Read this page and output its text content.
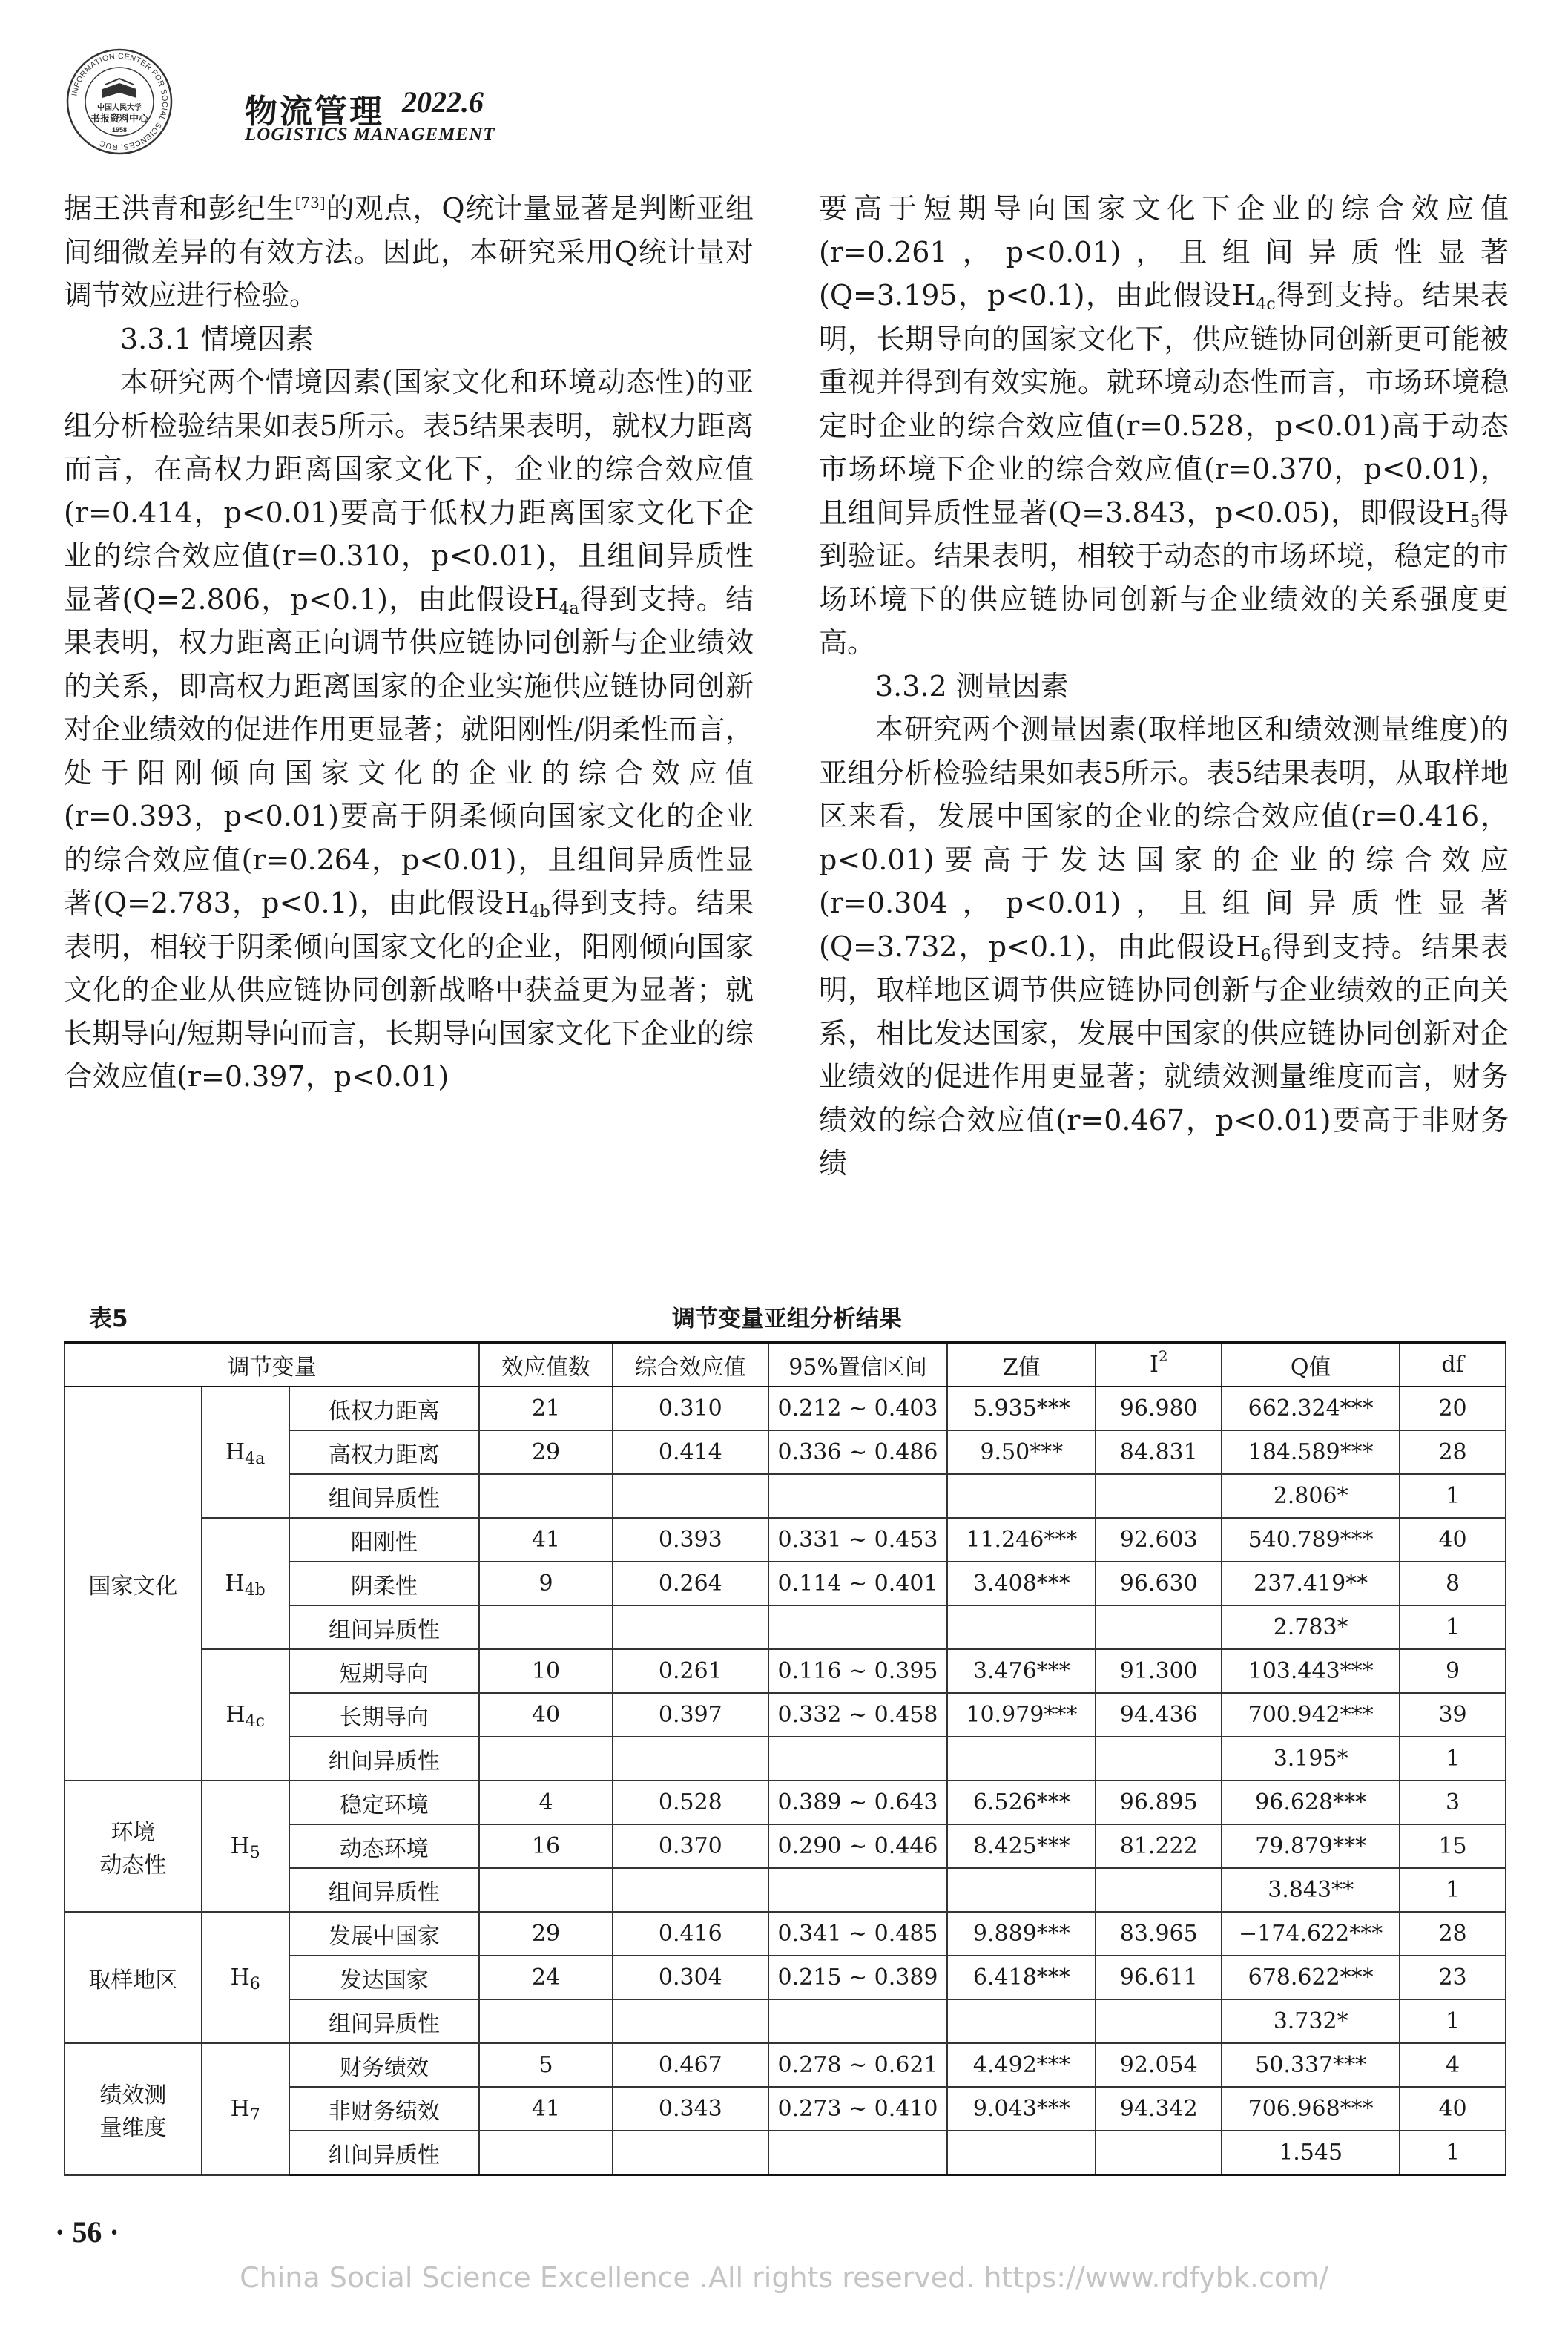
INFORMATION CENTER FOR SOCIAL SCIENCES, RUC
中国人民大学
书报资料中心
1958	物流管理 2022.6
LOGISTICS MANAGEMENT

据王洪青和彭纪生[73]的观点，Q统计量显著是判断亚组间细微差异的有效方法。因此，本研究采用Q统计量对调节效应进行检验。

3.3.1 情境因素

本研究两个情境因素(国家文化和环境动态性)的亚组分析检验结果如表5所示。表5结果表明，就权力距离而言，在高权力距离国家文化下，企业的综合效应值(r=0.414，p<0.01)要高于低权力距离国家文化下企业的综合效应值(r=0.310，p<0.01)，且组间异质性显著(Q=2.806，p<0.1)，由此假设$H_{4a}$得到支持。结果表明，权力距离正向调节供应链协同创新与企业绩效的关系，即高权力距离国家的企业实施供应链协同创新对企业绩效的促进作用更显著；就阳刚性/阴柔性而言，处于阳刚倾向国家文化的企业的综合效应值(r=0.393，p<0.01)要高于阴柔倾向国家文化的企业的综合效应值(r=0.264，p<0.01)，且组间异质性显著(Q=2.783，p<0.1)，由此假设$H_{4b}$得到支持。结果表明，相较于阴柔倾向国家文化的企业，阳刚倾向国家文化的企业从供应链协同创新战略中获益更为显著；就长期导向/短期导向而言，长期导向国家文化下企业的综合效应值(r=0.397，p<0.01)

要高于短期导向国家文化下企业的综合效应值(r=0.261，p<0.01)，且组间异质性显著(Q=3.195，p<0.1)，由此假设$H_{4c}$得到支持。结果表明，长期导向的国家文化下，供应链协同创新更可能被重视并得到有效实施。就环境动态性而言，市场环境稳定时企业的综合效应值(r=0.528，p<0.01)高于动态市场环境下企业的综合效应值(r=0.370，p<0.01)，且组间异质性显著(Q=3.843，p<0.05)，即假设$H_5$得到验证。结果表明，相较于动态的市场环境，稳定的市场环境下的供应链协同创新与企业绩效的关系强度更高。

3.3.2 测量因素

本研究两个测量因素(取样地区和绩效测量维度)的亚组分析检验结果如表5所示。表5结果表明，从取样地区来看，发展中国家的企业的综合效应值(r=0.416，p<0.01)要高于发达国家的企业的综合效应(r=0.304，p<0.01)，且组间异质性显著(Q=3.732，p<0.1)，由此假设$H_6$得到支持。结果表明，取样地区调节供应链协同创新与企业绩效的正向关系，相比发达国家，发展中国家的供应链协同创新对企业绩效的促进作用更显著；就绩效测量维度而言，财务绩效的综合效应值(r=0.467，p<0.01)要高于非财务绩

调节变量亚组分析结果
表5
调节变量			效应值数	综合效应值	95%置信区间	Z值	$I^2$	Q值	df
国家文化	$H_{4a}$	低权力距离	21	0.310	0.212 ~ 0.403	5.935***	96.980	662.324***	20
		高权力距离	29	0.414	0.336 ~ 0.486	9.50***	84.831	184.589***	28
		组间异质性						2.806*	1
	$H_{4b}$	阳刚性	41	0.393	0.331 ~ 0.453	11.246***	92.603	540.789***	40
		阴柔性	9	0.264	0.114 ~ 0.401	3.408***	96.630	237.419**	8
		组间异质性						2.783*	1
	$H_{4c}$	短期导向	10	0.261	0.116 ~ 0.395	3.476***	91.300	103.443***	9
		长期导向	40	0.397	0.332 ~ 0.458	10.979***	94.436	700.942***	39
		组间异质性						3.195*	1
环境
动态性	$H_5$	稳定环境	4	0.528	0.389 ~ 0.643	6.526***	96.895	96.628***	3
		动态环境	16	0.370	0.290 ~ 0.446	8.425***	81.222	79.879***	15
		组间异质性						3.843**	1
取样地区	$H_6$	发展中国家	29	0.416	0.341 ~ 0.485	9.889***	83.965	−174.622***	28
		发达国家	24	0.304	0.215 ~ 0.389	6.418***	96.611	678.622***	23
		组间异质性						3.732*	1
绩效测
量维度	$H_7$	财务绩效	5	0.467	0.278 ~ 0.621	4.492***	92.054	50.337***	4
		非财务绩效	41	0.343	0.273 ~ 0.410	9.043***	94.342	706.968***	40
		组间异质性						1.545	1
· 56 ·
China Social Science Excellence .All rights reserved. https://www.rdfybk.com/
